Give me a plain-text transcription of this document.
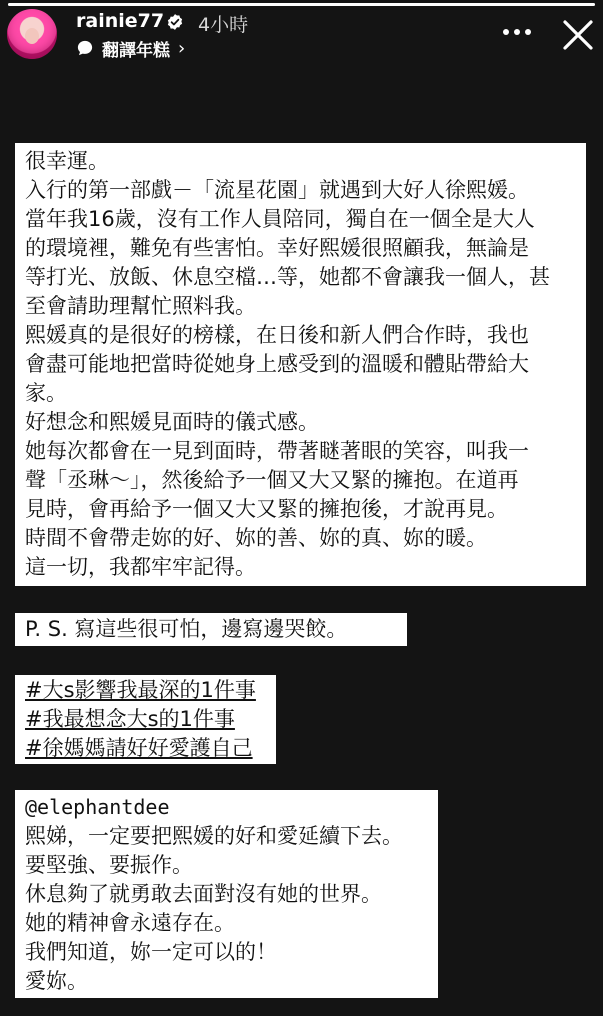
rainie77 4小時
翻譯年糕 ›
很幸運。
入行的第一部戲－「流星花園」就遇到大好人徐熙媛。
當年我16歲，沒有工作人員陪同，獨自在一個全是大人
的環境裡，難免有些害怕。幸好熙媛很照顧我，無論是
等打光、放飯、休息空檔…等，她都不會讓我一個人，甚
至會請助理幫忙照料我。
熙媛真的是很好的榜樣，在日後和新人們合作時，我也
會盡可能地把當時從她身上感受到的溫暖和體貼帶給大
家。
好想念和熙媛見面時的儀式感。
她每次都會在一見到面時，帶著瞇著眼的笑容，叫我一
聲「丞琳～」，然後給予一個又大又緊的擁抱。在道再
見時，會再給予一個又大又緊的擁抱後，才說再見。
時間不會帶走妳的好、妳的善、妳的真、妳的暖。
這一切，我都牢牢記得。
P. S. 寫這些很可怕，邊寫邊哭餃。
#大s影響我最深的1件事
#我最想念大s的1件事
#徐媽媽請好好愛護自己
@elephantdee
熙娣，一定要把熙媛的好和愛延續下去。
要堅強、要振作。
休息夠了就勇敢去面對沒有她的世界。
她的精神會永遠存在。
我們知道，妳一定可以的！
愛妳。
